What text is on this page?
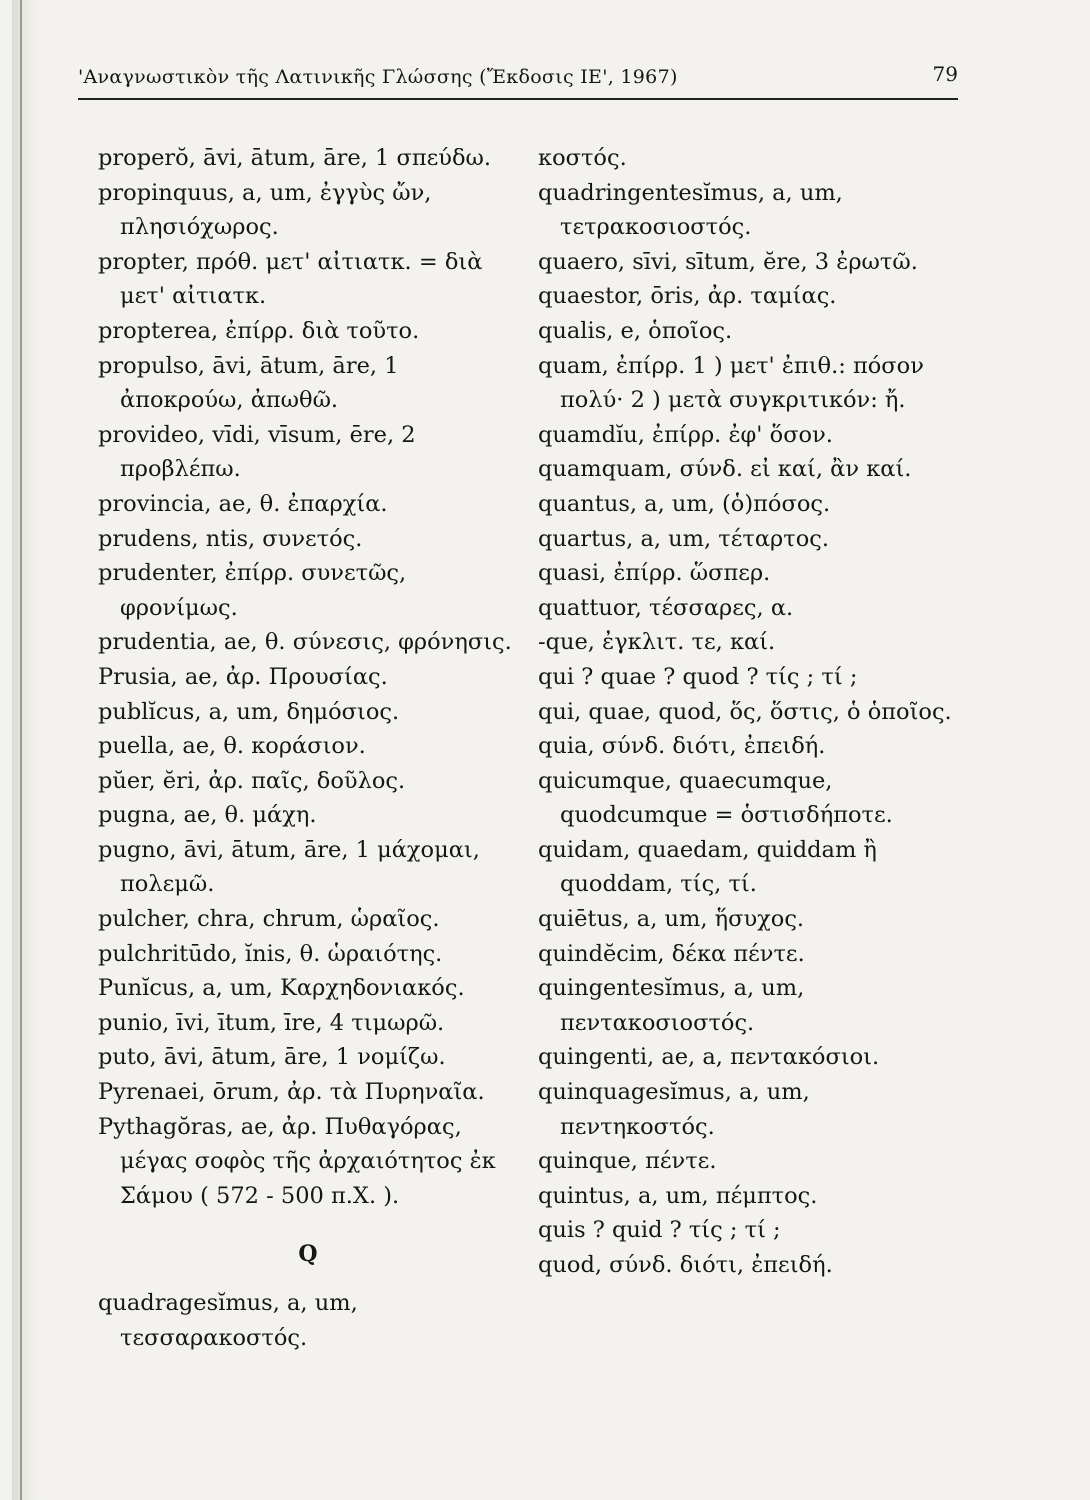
'Αναγνωστικὸν τῆς Λατινικῆς Γλώσσης (Ἔκδοσις ΙΕ', 1967)	79

properŏ, āvi, ātum, āre, 1 σπεύδω.

propinquus, a, um, ἐγγὺς ὤν, πλησιόχωρος.

propter, πρόθ. μετ' αἰτιατκ. = διὰ μετ' αἰτιατκ.

propterea, ἐπίρρ. διὰ τοῦτο.

propulso, āvi, ātum, āre, 1 ἀποκρούω, ἀπωθῶ.

provideo, vīdi, vīsum, ēre, 2 προβλέπω.

provincia, ae, θ. ἐπαρχία.

prudens, ntis, συνετός.

prudenter, ἐπίρρ. συνετῶς, φρονίμως.

prudentia, ae, θ. σύνεσις, φρόνησις.

Prusia, ae, ἀρ. Προυσίας.

publĭcus, a, um, δημόσιος.

puella, ae, θ. κοράσιον.

pŭer, ĕri, ἀρ. παῖς, δοῦλος.

pugna, ae, θ. μάχη.

pugno, āvi, ātum, āre, 1 μάχομαι, πολεμῶ.

pulcher, chra, chrum, ὡραῖος.

pulchritūdo, ĭnis, θ. ὡραιότης.

Punĭcus, a, um, Καρχηδονιακός.

punio, īvi, ītum, īre, 4 τιμωρῶ.

puto, āvi, ātum, āre, 1 νομίζω.

Pyrenaei, ōrum, ἀρ. τὰ Πυρηναῖα.

Pythagŏras, ae, ἀρ. Πυθαγόρας, μέγας σοφὸς τῆς ἀρχαιότητος ἐκ Σάμου ( 572 - 500 π.Χ. ).

Q

quadragesĭmus, a, um, τεσσαρακοστός.

κοστός.

quadringentesĭmus, a, um, τετρακοσιοστός.

quaero, sīvi, sītum, ĕre, 3 ἐρωτῶ.

quaestor, ōris, ἀρ. ταμίας.

qualis, e, ὁποῖος.

quam, ἐπίρρ. 1 ) μετ' ἐπιθ.: πόσον πολύ· 2 ) μετὰ συγκριτικόν: ἤ.

quamdĭu, ἐπίρρ. ἐφ' ὅσον.

quamquam, σύνδ. εἰ καί, ἂν καί.

quantus, a, um, (ὁ)πόσος.

quartus, a, um, τέταρτος.

quasi, ἐπίρρ. ὥσπερ.

quattuor, τέσσαρες, α.

-que, ἐγκλιτ. τε, καί.

qui ? quae ? quod ? τίς ; τί ;

qui, quae, quod, ὅς, ὅστις, ὁ ὁποῖος.

quia, σύνδ. διότι, ἐπειδή.

quicumque, quaecumque, quodcumque = ὁστισδήποτε.

quidam, quaedam, quiddam ἢ quoddam, τίς, τί.

quiētus, a, um, ἥσυχος.

quindĕcim, δέκα πέντε.

quingentesĭmus, a, um, πεντακοσιοστός.

quingenti, ae, a, πεντακόσιοι.

quinquagesĭmus, a, um, πεντηκοστός.

quinque, πέντε.

quintus, a, um, πέμπτος.

quis ? quid ? τίς ; τί ;

quod, σύνδ. διότι, ἐπειδή.
